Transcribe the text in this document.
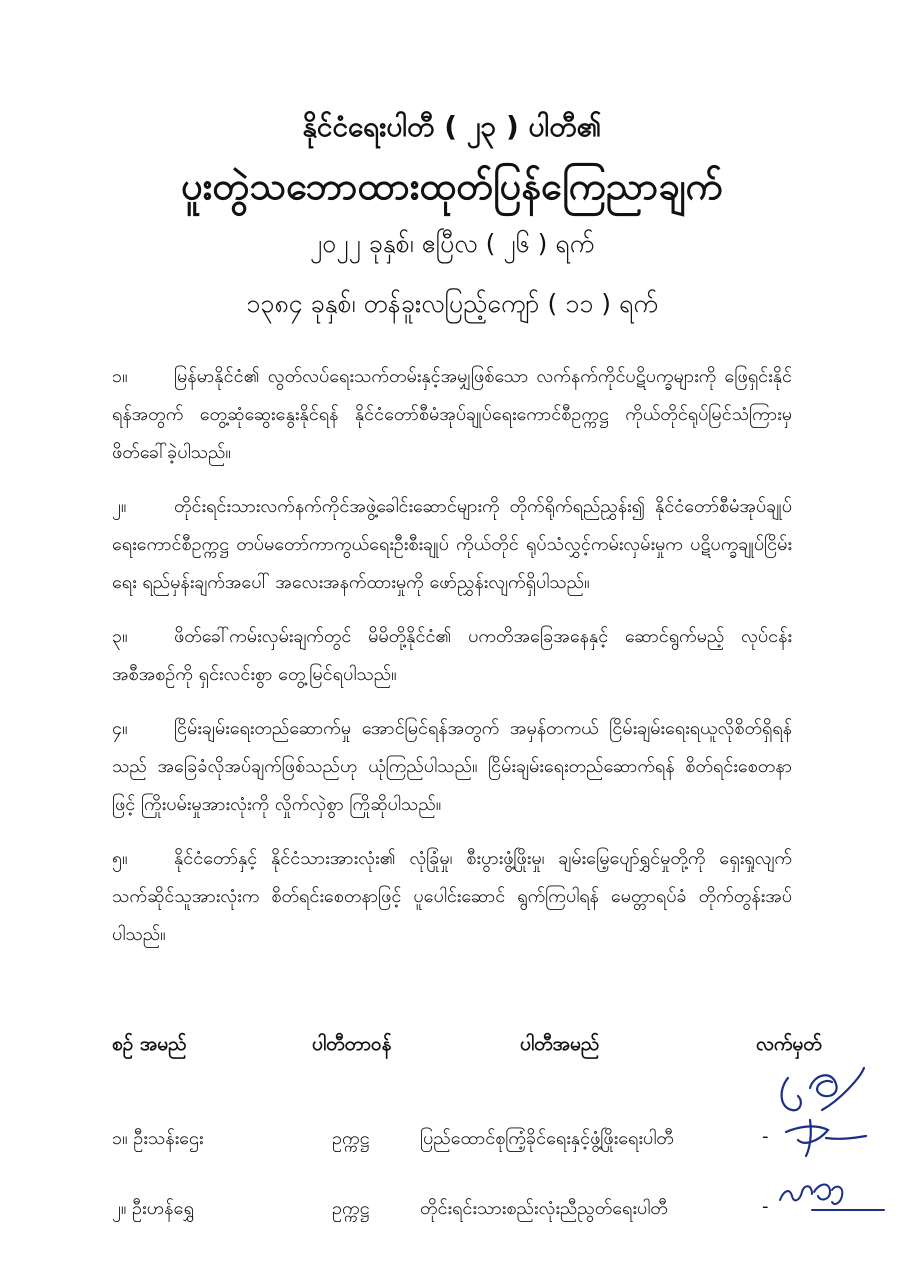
နိုင်ငံရေးပါတီ ( ၂၃ ) ပါတီ၏
ပူးတွဲသဘောထားထုတ်ပြန်ကြေညာချက်
၂၀၂၂ ခုနှစ်၊ ဧပြီလ ( ၂၆ ) ရက်
၁၃၈၄ ခုနှစ်၊ တန်ခူးလပြည့်ကျော် ( ၁၁ ) ရက်
၁။	မြန်မာနိုင်ငံ၏ လွတ်လပ်ရေးသက်တမ်းနှင့်အမျှဖြစ်သော လက်နက်ကိုင်ပဋိပက္ခများကို ဖြေရှင်းနိုင်ရန်အတွက် တွေ့ဆုံဆွေးနွေးနိုင်ရန် နိုင်ငံတော်စီမံအုပ်ချုပ်ရေးကောင်စီဥက္ကဋ္ဌ ကိုယ်တိုင်ရုပ်မြင်သံကြားမှ ဖိတ်ခေါ်ခဲ့ပါသည်။
၂။	တိုင်းရင်းသားလက်နက်ကိုင်အဖွဲ့ခေါင်းဆောင်များကို တိုက်ရိုက်ရည်ညွှန်း၍ နိုင်ငံတော်စီမံအုပ်ချုပ်ရေးကောင်စီဥက္ကဋ္ဌ တပ်မတော်ကာကွယ်ရေးဦးစီးချုပ် ကိုယ်တိုင် ရုပ်သံလွှင့်ကမ်းလှမ်းမှုက ပဋိပက္ခချုပ်ငြိမ်းရေး ရည်မှန်းချက်အပေါ် အလေးအနက်ထားမှုကို ဖော်ညွှန်းလျက်ရှိပါသည်။
၃။	ဖိတ်ခေါ်ကမ်းလှမ်းချက်တွင် မိမိတို့နိုင်ငံ၏ ပကတိအခြေအနေနှင့် ဆောင်ရွက်မည့် လုပ်ငန်းအစီအစဉ်ကို ရှင်းလင်းစွာ တွေ့မြင်ရပါသည်။
၄။	ငြိမ်းချမ်းရေးတည်ဆောက်မှု အောင်မြင်ရန်အတွက် အမှန်တကယ် ငြိမ်းချမ်းရေးရယူလိုစိတ်ရှိရန်သည် အခြေခံလိုအပ်ချက်ဖြစ်သည်ဟု ယုံကြည်ပါသည်။ ငြိမ်းချမ်းရေးတည်ဆောက်ရန် စိတ်ရင်းစေတနာဖြင့် ကြိုးပမ်းမှုအားလုံးကို လှိုက်လှဲစွာ ကြိုဆိုပါသည်။
၅။	နိုင်ငံတော်နှင့် နိုင်ငံသားအားလုံး၏ လုံခြုံမှု၊ စီးပွားဖွံ့ဖြိုးမှု၊ ချမ်းမြေ့ပျော်ရွှင်မှုတို့ကို ရှေးရှုလျက် သက်ဆိုင်သူအားလုံးက စိတ်ရင်းစေတနာဖြင့် ပူပေါင်းဆောင် ရွက်ကြပါရန် မေတ္တာရပ်ခံ တိုက်တွန်းအပ်ပါသည်။
စဉ် အမည်	ပါတီတာဝန်	ပါတီအမည်	လက်မှတ်
၁။ ဦးသန်းဌေး	ဥက္ကဋ္ဌ	ပြည်ထောင်စုကြံ့ခိုင်ရေးနှင့်ဖွံ့ဖြိုးရေးပါတီ	-
၂။ ဦးဟန်ရွှေ	ဥက္ကဋ္ဌ	တိုင်းရင်းသားစည်းလုံးညီညွတ်ရေးပါတီ	-
